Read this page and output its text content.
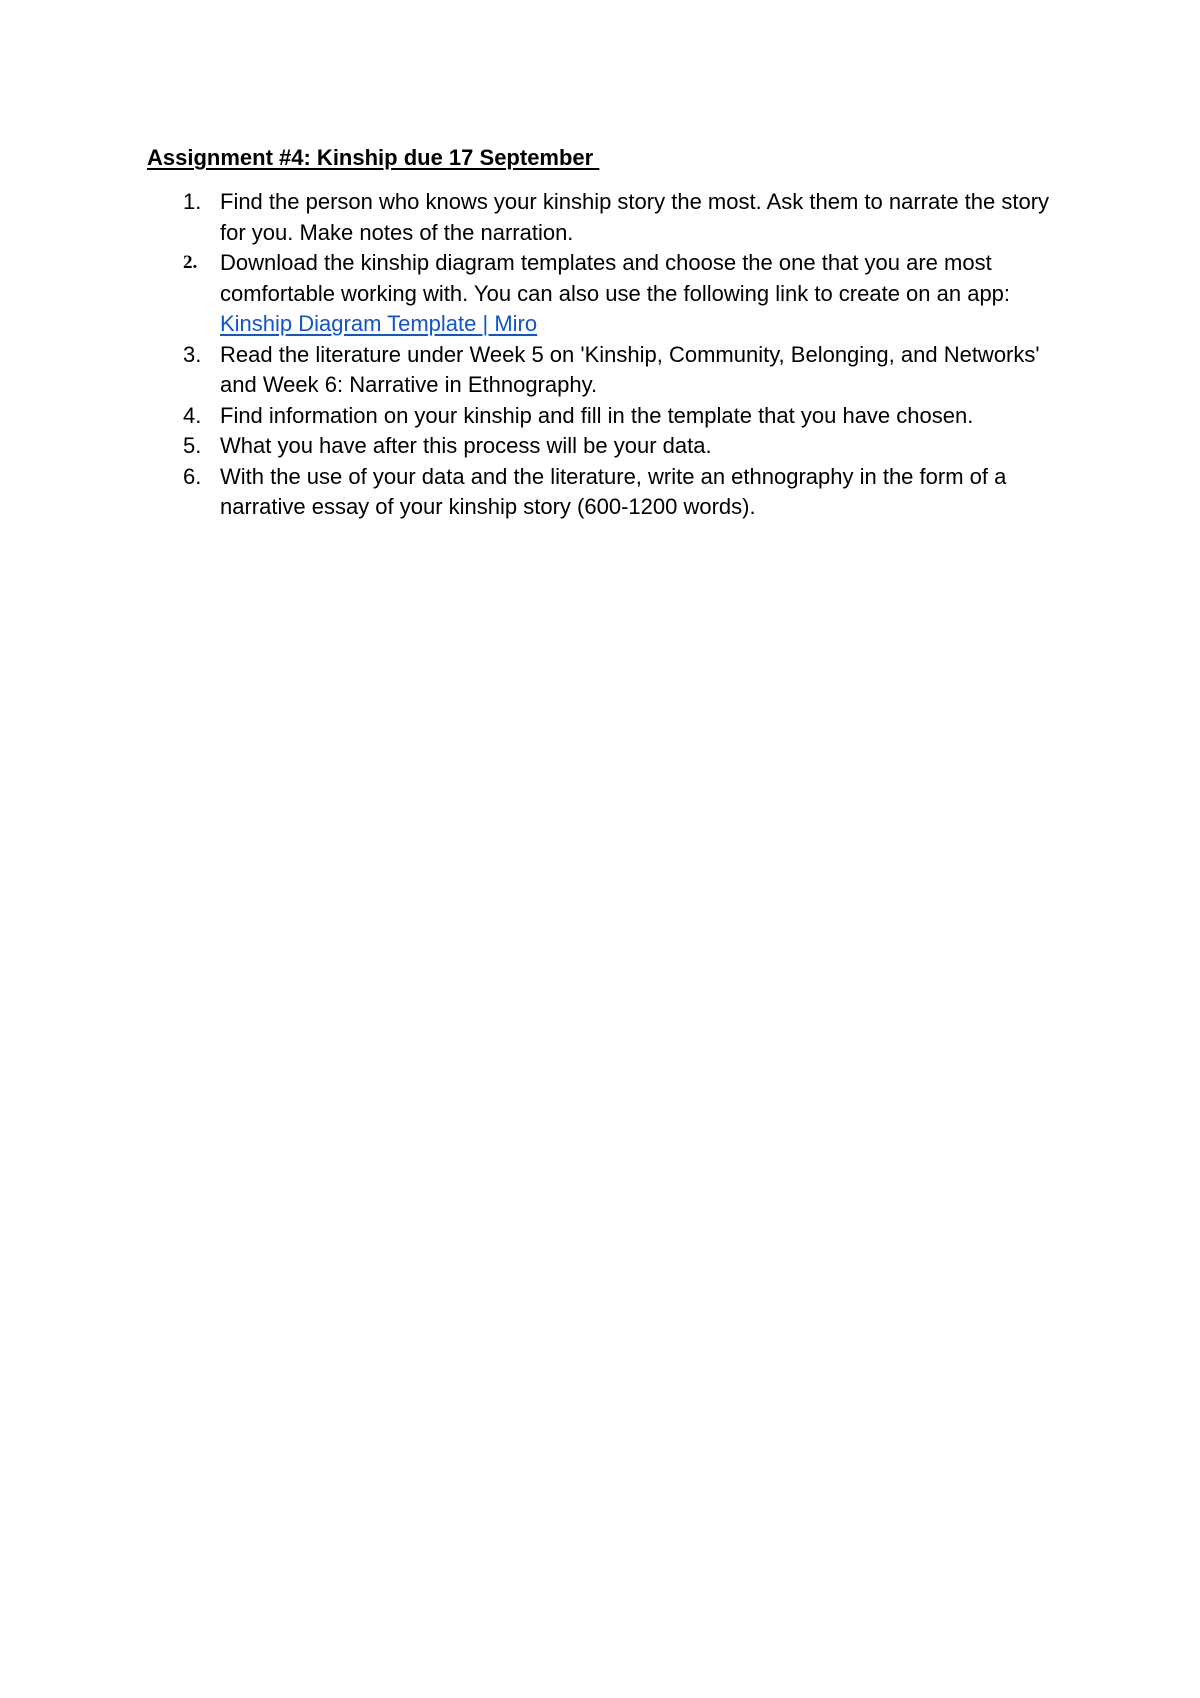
Assignment #4: Kinship due 17 September
1. Find the person who knows your kinship story the most. Ask them to narrate the story for you. Make notes of the narration.
2.	Download the kinship diagram templates and choose the one that you are most comfortable working with. You can also use the following link to create on an app: Kinship Diagram Template | Miro
3. Read the literature under Week 5 on 'Kinship, Community, Belonging, and Networks' and Week 6: Narrative in Ethnography.
4. Find information on your kinship and fill in the template that you have chosen.
5. What you have after this process will be your data.
6. With the use of your data and the literature, write an ethnography in the form of a narrative essay of your kinship story (600-1200 words).
